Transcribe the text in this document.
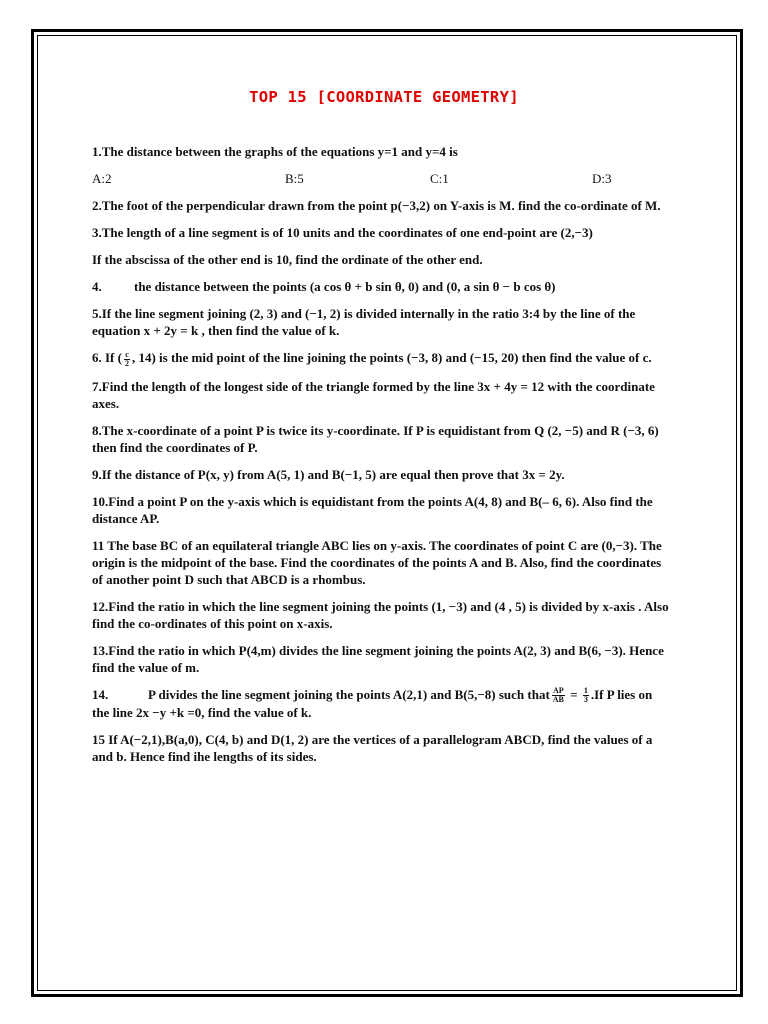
TOP 15 [COORDINATE GEOMETRY]

1.The distance between the graphs of the equations y=1 and y=4 is

A:2	B:5	C:1	D:3

2.The foot of the perpendicular drawn from the point p(−3,2) on Y-axis is M. find the co-ordinate of M.

3.The length of a line segment is of 10 units and the coordinates of one end-point are (2,−3)

If the abscissa of the other end is 10, find the ordinate of the other end.

4. the distance between the points (a cos θ + b sin θ, 0) and (0, a sin θ − b cos θ)

5.If the line segment joining (2, 3) and (−1, 2) is divided internally in the ratio 3:4 by the line of the equation x + 2y = k , then find the value of k.

6. If ( $\frac{c}{2}$ , 14) is the mid point of the line joining the points (−3, 8) and (−15, 20) then find the value of c.

7.Find the length of the longest side of the triangle formed by the line 3x + 4y = 12 with the coordinate axes.

8.The x-coordinate of a point P is twice its y-coordinate. If P is equidistant from Q (2, −5) and R (−3, 6) then find the coordinates of P.

9.If the distance of P(x, y) from A(5, 1) and B(−1, 5) are equal then prove that 3x = 2y.

10.Find a point P on the y-axis which is equidistant from the points A(4, 8) and B(– 6, 6). Also find the distance AP.

11 The base BC of an equilateral triangle ABC lies on y-axis. The coordinates of point C are (0,−3). The origin is the midpoint of the base. Find the coordinates of the points A and B. Also, find the coordinates of another point D such that ABCD is a rhombus.

12.Find the ratio in which the line segment joining the points (1, −3) and (4 , 5) is divided by x-axis . Also find the co-ordinates of this point on x-axis.

13.Find the ratio in which P(4,m) divides the line segment joining the points A(2, 3) and B(6, −3). Hence find the value of m.

14.	P divides the line segment joining the points A(2,1) and B(5,−8) such that $\frac{AP}{AB} = \frac{1}{3} .If$ P lies on the line 2x −y +k =0, find the value of k.

15 If A(−2,1),B(a,0), C(4, b) and D(1, 2) are the vertices of a parallelogram ABCD, find the values of a and b. Hence find ihe lengths of its sides.
